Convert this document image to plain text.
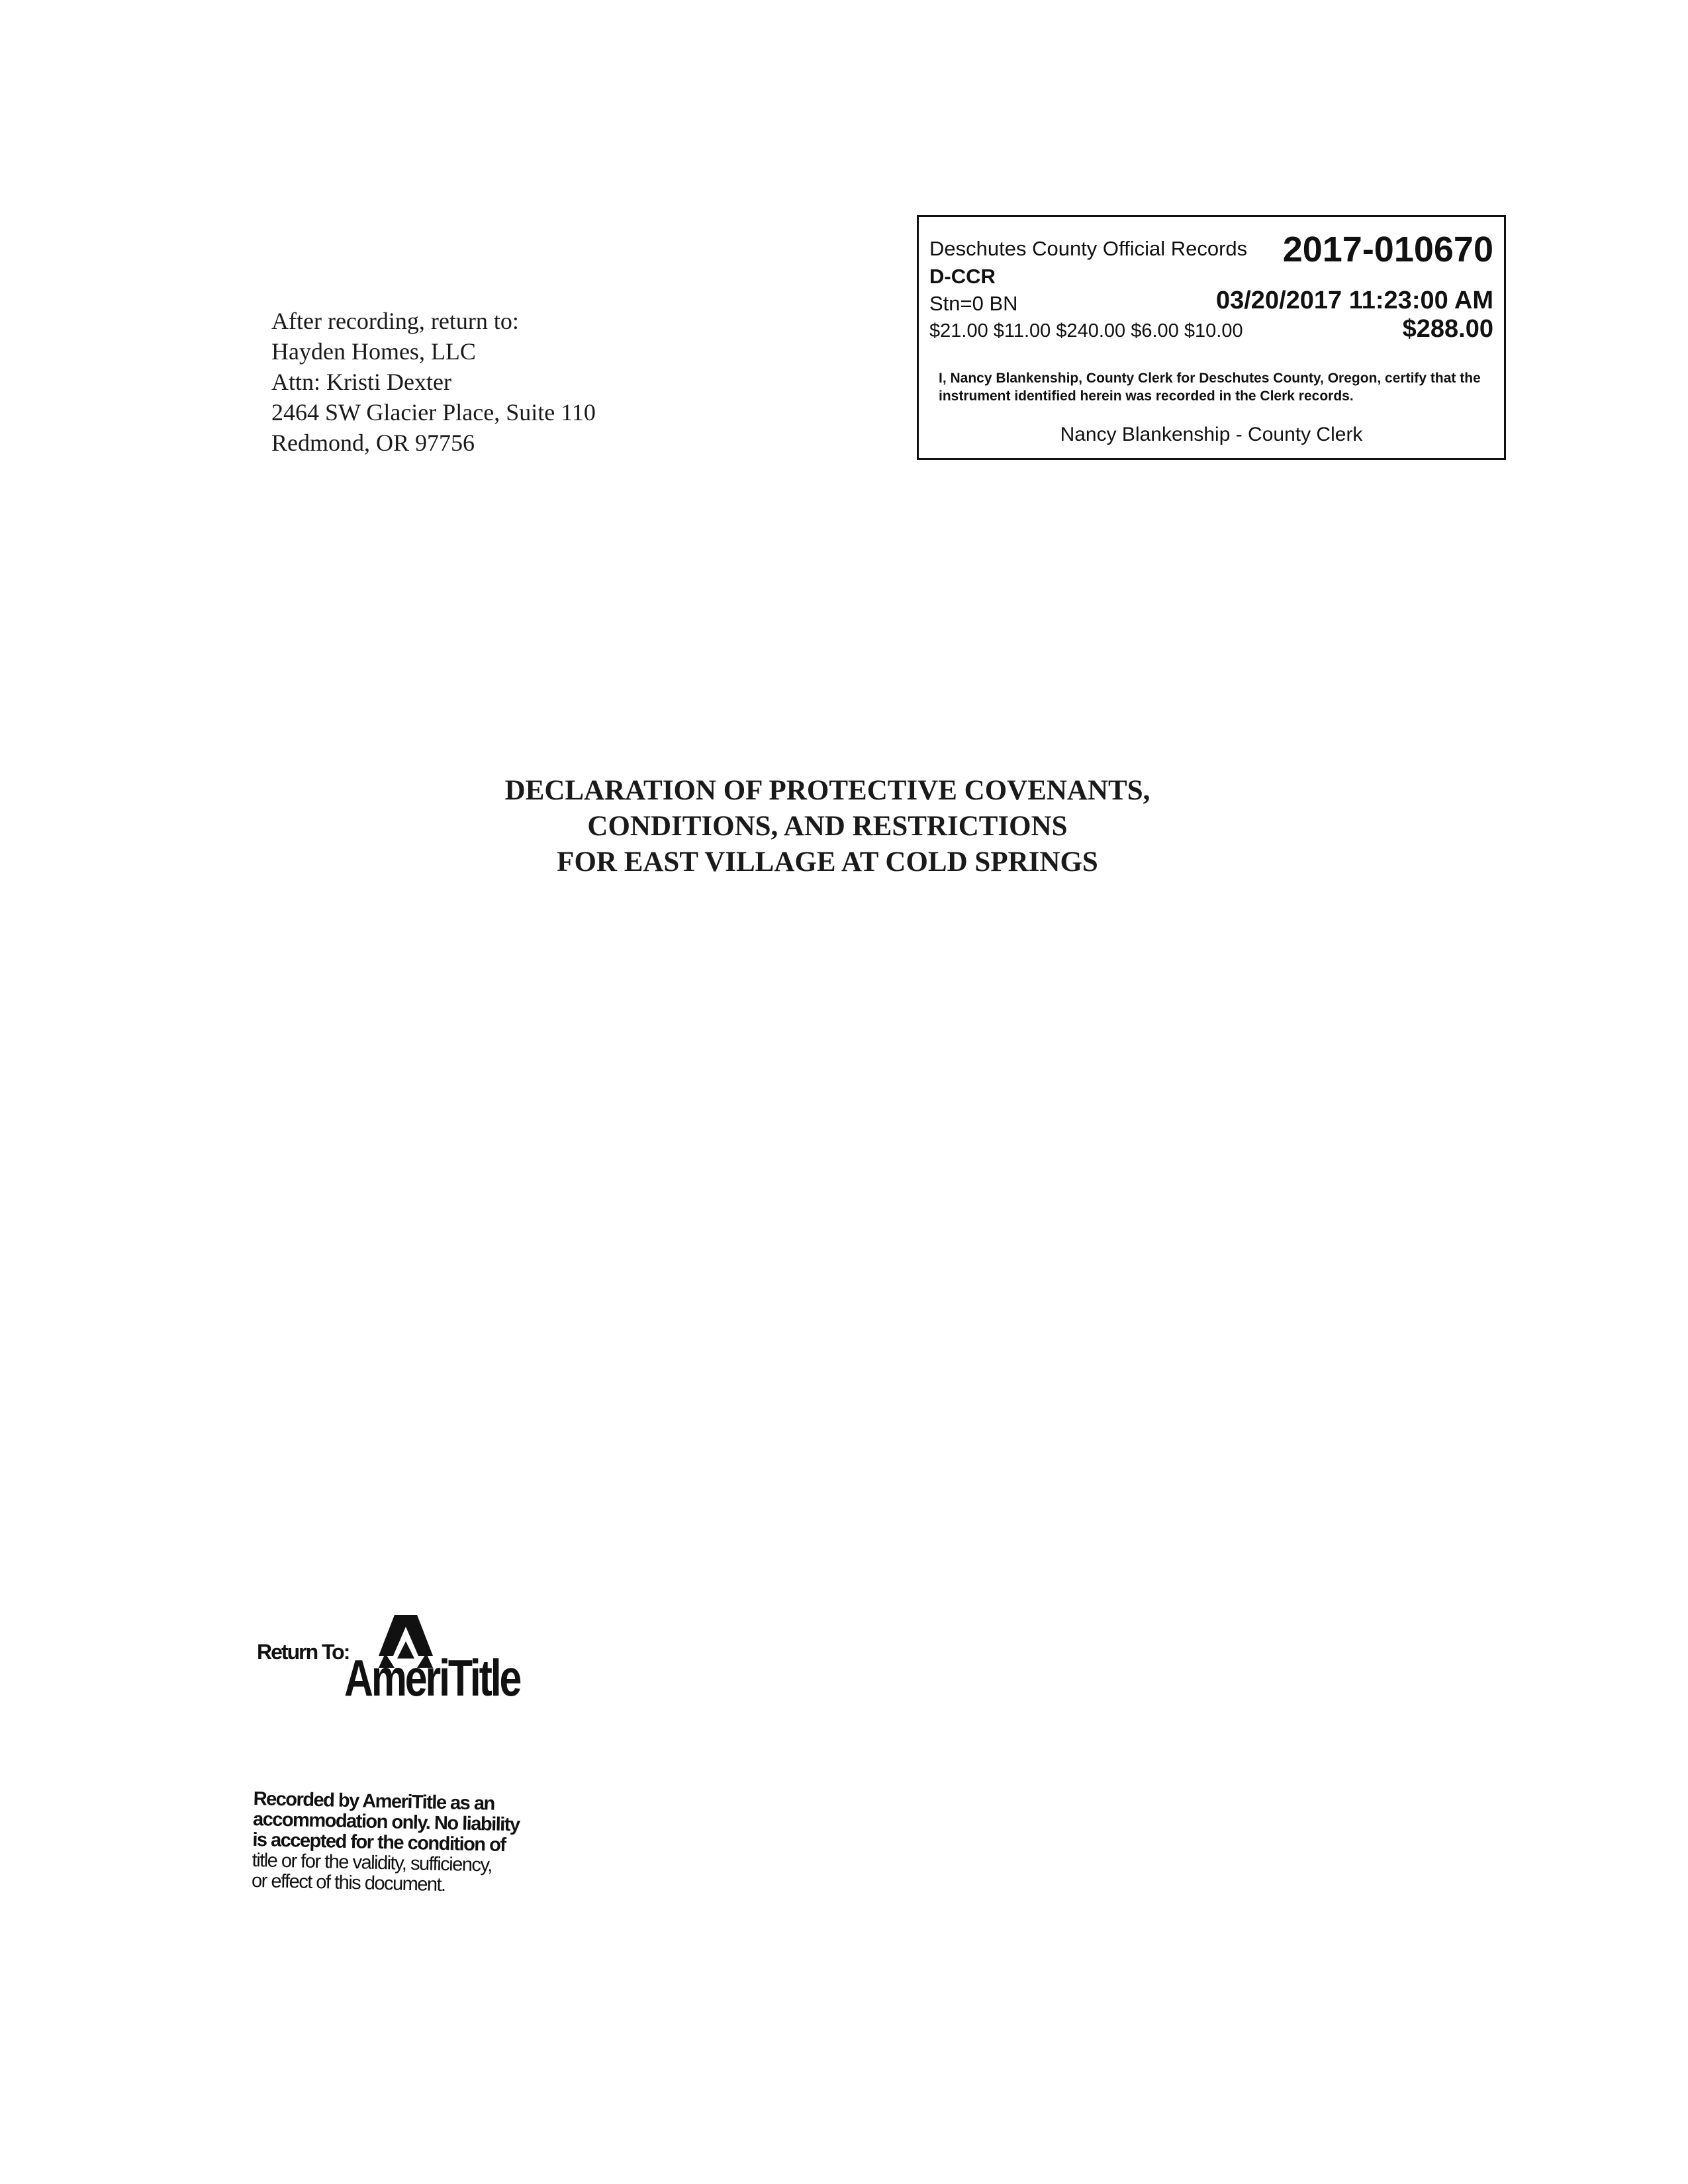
After recording, return to:
Hayden Homes, LLC
Attn: Kristi Dexter
2464 SW Glacier Place, Suite 110
Redmond, OR 97756
Deschutes County Official Records 2017-010670
D-CCR
Stn=0 BN	03/20/2017 11:23:00 AM
$21.00 $11.00 $240.00 $6.00 $10.00	$288.00
I, Nancy Blankenship, County Clerk for Deschutes County, Oregon, certify that the instrument identified herein was recorded in the Clerk records.
Nancy Blankenship - County Clerk
DECLARATION OF PROTECTIVE COVENANTS,
CONDITIONS, AND RESTRICTIONS
FOR EAST VILLAGE AT COLD SPRINGS
Return To:
AmeriTitle
Recorded by AmeriTitle as an
accommodation only. No liability
is accepted for the condition of
title or for the validity, sufficiency,
or effect of this document.
